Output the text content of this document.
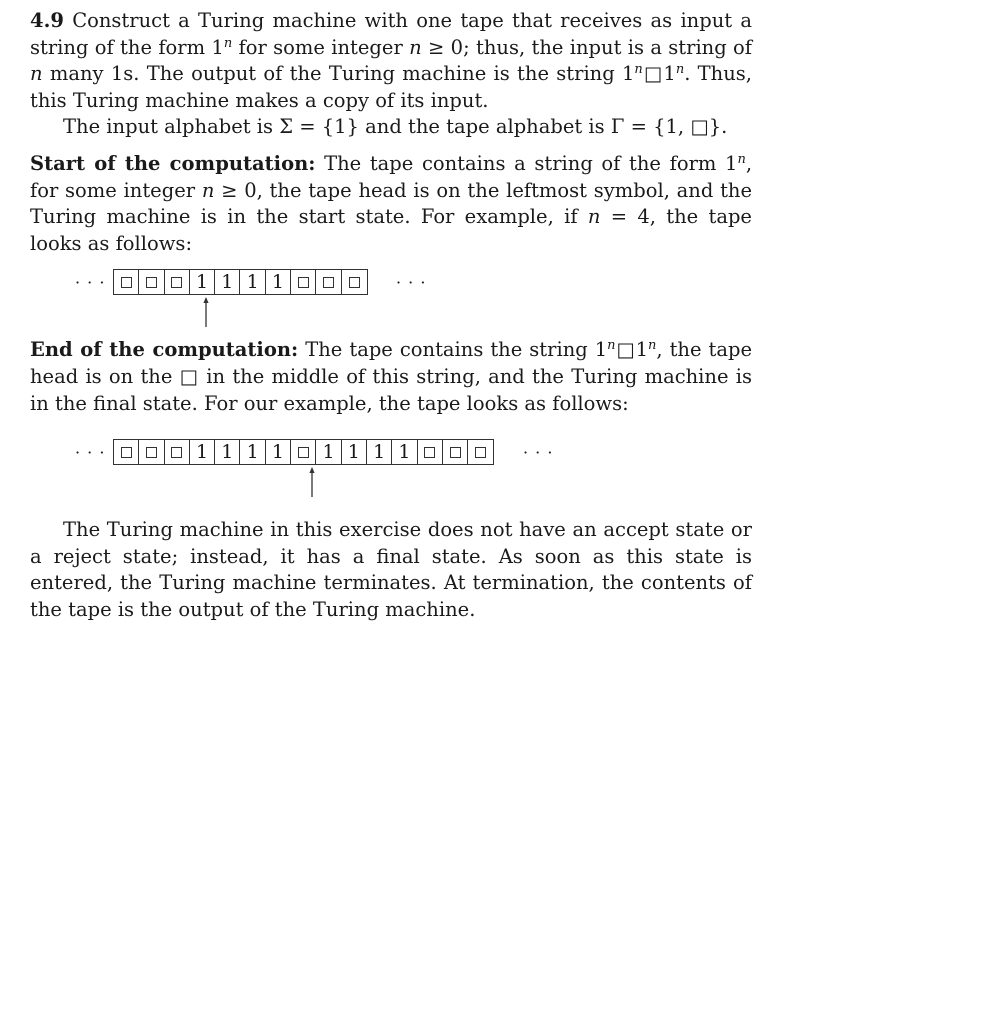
4.9 Construct a Turing machine with one tape that receives as input a string of the form 1$^n$ for some integer n ≥ 0; thus, the input is a string of n many 1s. The output of the Turing machine is the string 1$^n$□1$^n$. Thus, this Turing machine makes a copy of its input.

The input alphabet is Σ = {1} and the tape alphabet is Γ = {1, □}.

Start of the computation: The tape contains a string of the form 1$^n$, for some integer n ≥ 0, the tape head is on the leftmost symbol, and the Turing machine is in the start state. For example, if n = 4, the tape looks as follows:

· · ·	1 1 1 1	· · ·

End of the computation: The tape contains the string 1$^n$□1$^n$, the tape head is on the □ in the middle of this string, and the Turing machine is in the final state. For our example, the tape looks as follows:

· · ·	1 1 1 1	1 1 1 1	· · ·

The Turing machine in this exercise does not have an accept state or a reject state; instead, it has a final state. As soon as this state is entered, the Turing machine terminates. At termination, the contents of the tape is the output of the Turing machine.
